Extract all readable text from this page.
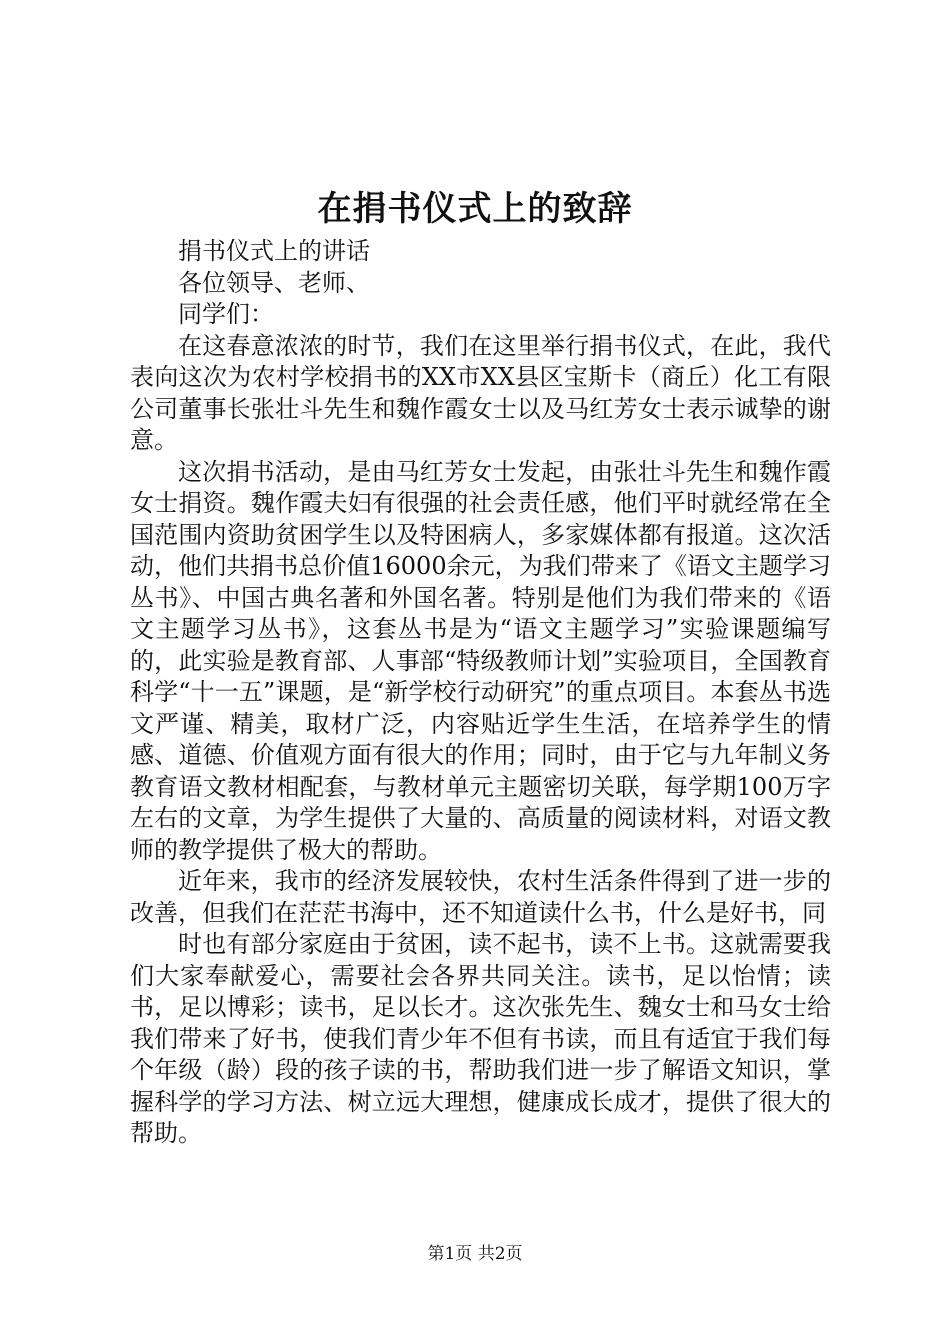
在捐书仪式上的致辞

捐书仪式上的讲话

各位领导、老师、

同学们：

在这春意浓浓的时节，我们在这里举行捐书仪式，在此，我代表向这次为农村学校捐书的XX市XX县区宝斯卡（商丘）化工有限公司董事长张壮斗先生和魏作霞女士以及马红芳女士表示诚挚的谢意。

这次捐书活动，是由马红芳女士发起，由张壮斗先生和魏作霞女士捐资。魏作霞夫妇有很强的社会责任感，他们平时就经常在全国范围内资助贫困学生以及特困病人，多家媒体都有报道。这次活动，他们共捐书总价值16000余元，为我们带来了《语文主题学习丛书》、中国古典名著和外国名著。特别是他们为我们带来的《语文主题学习丛书》，这套丛书是为“语文主题学习”实验课题编写的，此实验是教育部、人事部“特级教师计划”实验项目，全国教育科学“十一五”课题，是“新学校行动研究”的重点项目。本套丛书选文严谨、精美，取材广泛，内容贴近学生生活，在培养学生的情感、道德、价值观方面有很大的作用；同时，由于它与九年制义务教育语文教材相配套，与教材单元主题密切关联，每学期100万字左右的文章，为学生提供了大量的、高质量的阅读材料，对语文教师的教学提供了极大的帮助。

近年来，我市的经济发展较快，农村生活条件得到了进一步的改善，但我们在茫茫书海中，还不知道读什么书，什么是好书，同

时也有部分家庭由于贫困，读不起书，读不上书。这就需要我们大家奉献爱心，需要社会各界共同关注。读书，足以怡情；读书，足以博彩；读书，足以长才。这次张先生、魏女士和马女士给我们带来了好书，使我们青少年不但有书读，而且有适宜于我们每个年级（龄）段的孩子读的书，帮助我们进一步了解语文知识，掌握科学的学习方法、树立远大理想，健康成长成才，提供了很大的帮助。

第1页 共2页
